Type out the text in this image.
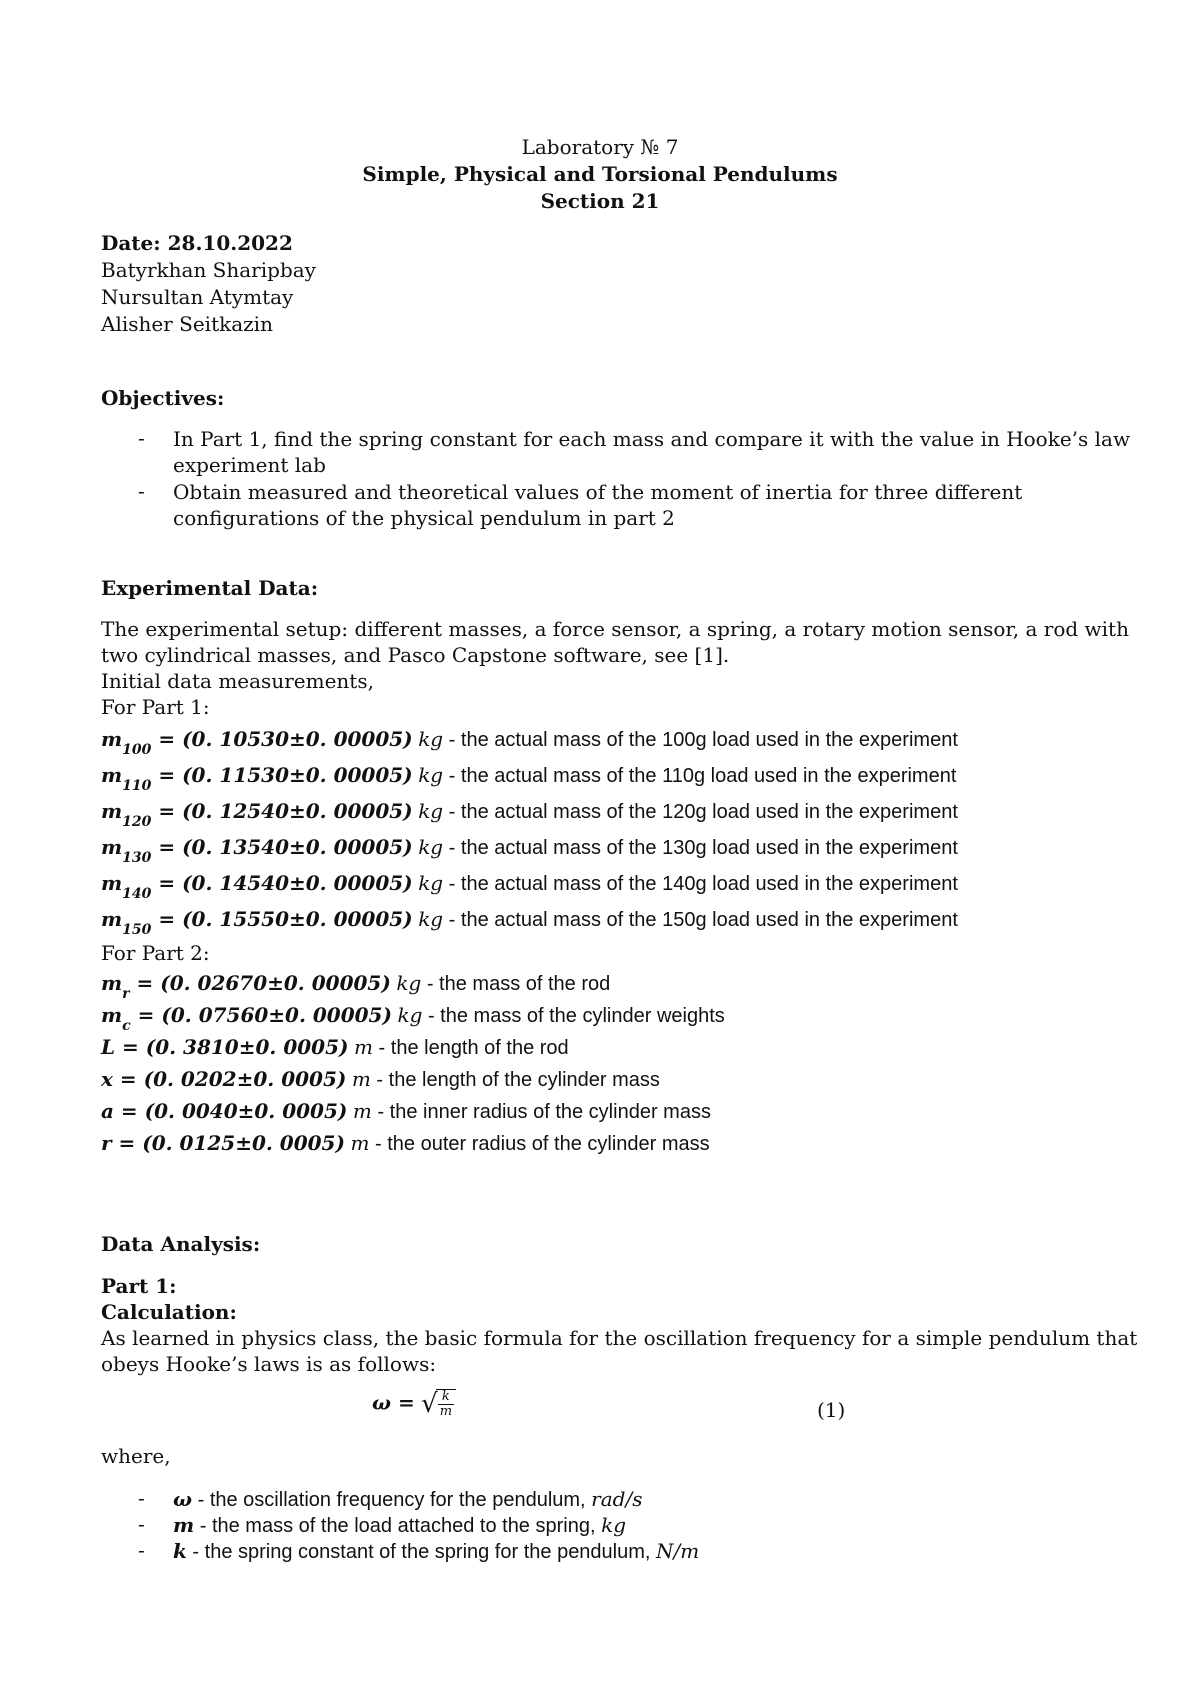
Laboratory № 7
Simple, Physical and Torsional Pendulums
Section 21
Date: 28.10.2022
Batyrkhan Sharipbay
Nursultan Atymtay
Alisher Seitkazin
Objectives:
- In Part 1, find the spring constant for each mass and compare it with the value in Hooke’s law
experiment lab
- Obtain measured and theoretical values of the moment of inertia for three different
configurations of the physical pendulum in part 2
Experimental Data:
The experimental setup: different masses, a force sensor, a spring, a rotary motion sensor, a rod with
two cylindrical masses, and Pasco Capstone software, see [1].
Initial data measurements,
For Part 1:
$m_{100} = (0$. 10530±0. 00005) kg - the actual mass of the 100g load used in the experiment
$m_{110} = (0$. 11530±0. 00005) kg - the actual mass of the 110g load used in the experiment
$m_{120} = (0$. 12540±0. 00005) kg - the actual mass of the 120g load used in the experiment
$m_{130} = (0$. 13540±0. 00005) kg - the actual mass of the 130g load used in the experiment
$m_{140} = (0$. 14540±0. 00005) kg - the actual mass of the 140g load used in the experiment
$m_{150} = (0$. 15550±0. 00005) kg - the actual mass of the 150g load used in the experiment
For Part 2:
$m_r = (0$. 02670±0. 00005) kg - the mass of the rod
$m_c = (0$. 07560±0. 00005) kg - the mass of the cylinder weights
L = (0. 3810±0. 0005) m - the length of the rod
x = (0. 0202±0. 0005) m - the length of the cylinder mass
a = (0. 0040±0. 0005) m - the inner radius of the cylinder mass
r = (0. 0125±0. 0005) m - the outer radius of the cylinder mass
Data Analysis:
Part 1:
Calculation:
As learned in physics class, the basic formula for the oscillation frequency for a simple pendulum that
obeys Hooke’s laws is as follows:
ω = √ $\frac{k}{m}$	(1)
where,
- ω - the oscillation frequency for the pendulum, rad/s
- m - the mass of the load attached to the spring, kg
- k - the spring constant of the spring for the pendulum, N/m
